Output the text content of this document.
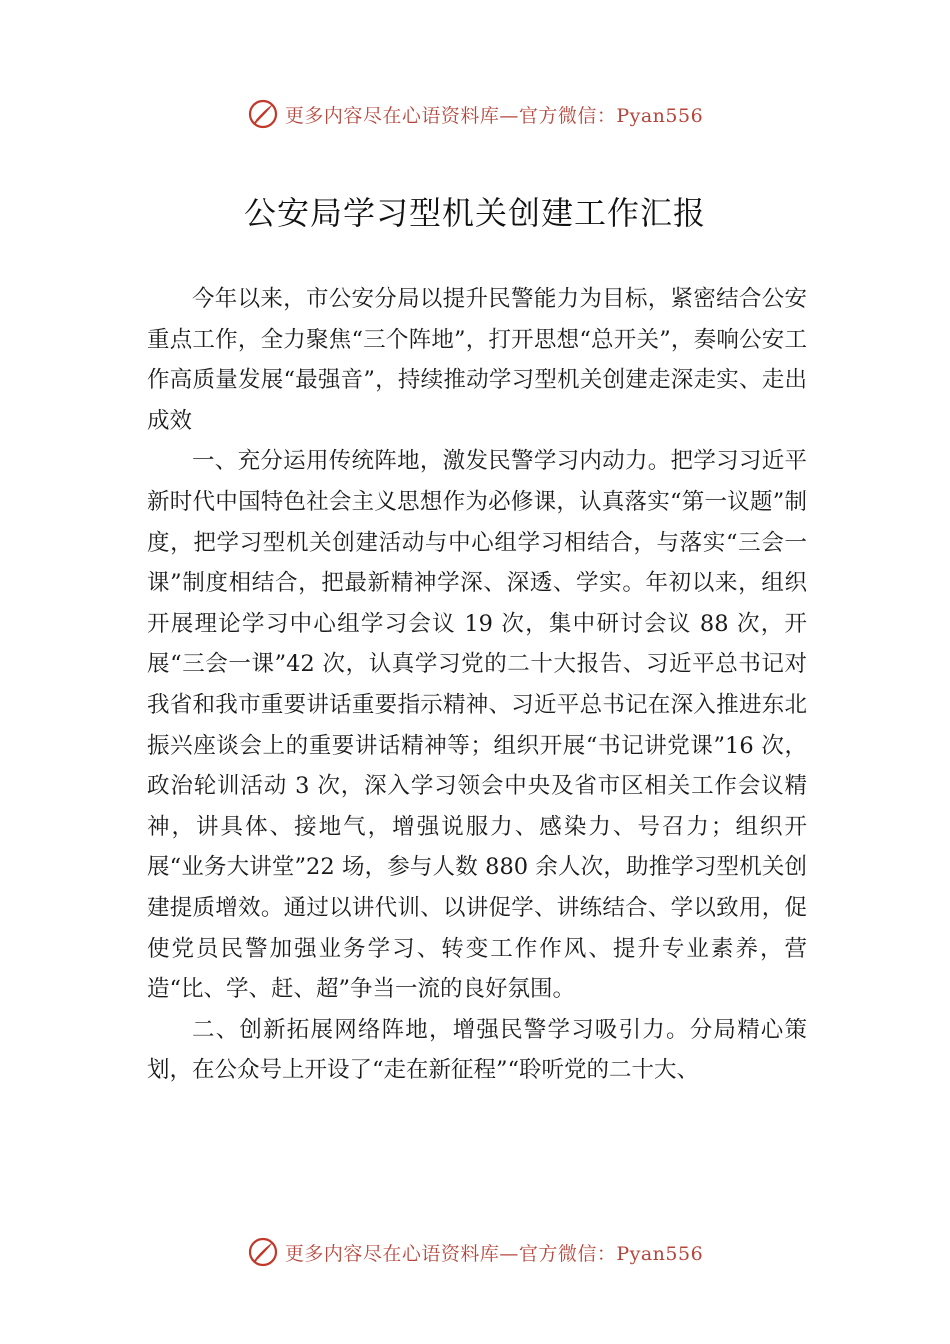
更多内容尽在心语资料库—官方微信：Pyan556
公安局学习型机关创建工作汇报

今年以来，市公安分局以提升民警能力为目标，紧密结合公安重点工作，全力聚焦“三个阵地”，打开思想“总开关”，奏响公安工作高质量发展“最强音”，持续推动学习型机关创建走深走实、走出成效

一、充分运用传统阵地，激发民警学习内动力。把学习习近平新时代中国特色社会主义思想作为必修课，认真落实“第一议题”制度，把学习型机关创建活动与中心组学习相结合，与落实“三会一课”制度相结合，把最新精神学深、深透、学实。年初以来，组织开展理论学习中心组学习会议 19 次，集中研讨会议 88 次，开展“三会一课”42 次，认真学习党的二十大报告、习近平总书记对我省和我市重要讲话重要指示精神、习近平总书记在深入推进东北振兴座谈会上的重要讲话精神等；组织开展“书记讲党课”16 次，政治轮训活动 3 次，深入学习领会中央及省市区相关工作会议精神，讲具体、接地气，增强说服力、感染力、号召力；组织开展“业务大讲堂”22 场，参与人数 880 余人次，助推学习型机关创建提质增效。通过以讲代训、以讲促学、讲练结合、学以致用，促使党员民警加强业务学习、转变工作作风、提升专业素养，营造“比、学、赶、超”争当一流的良好氛围。

二、创新拓展网络阵地，增强民警学习吸引力。分局精心策划，在公众号上开设了“走在新征程”“聆听党的二十大、

更多内容尽在心语资料库—官方微信：Pyan556
